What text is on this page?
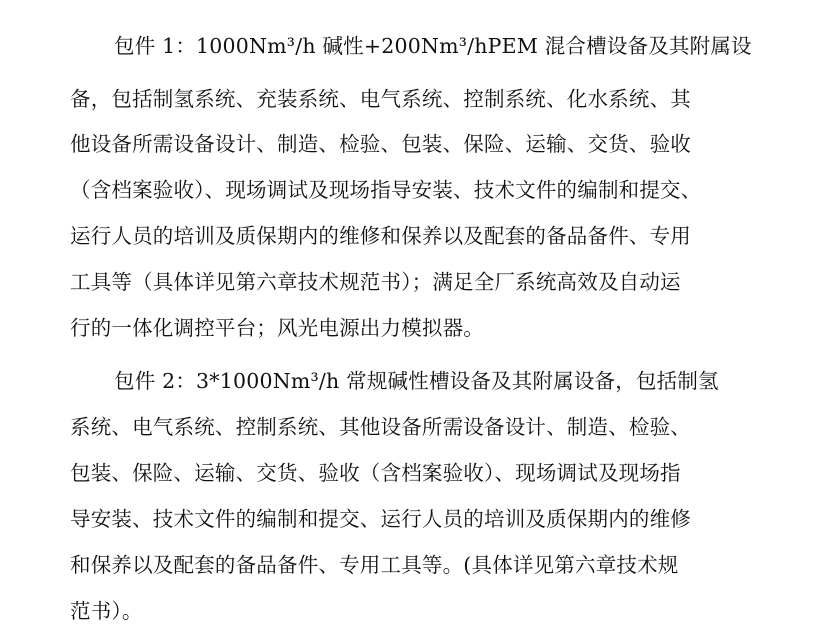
包件 1：1000Nm³/h 碱性+200Nm³/hPEM 混合槽设备及其附属设
备，包括制氢系统、充装系统、电气系统、控制系统、化水系统、其
他设备所需设备设计、制造、检验、包装、保险、运输、交货、验收
（含档案验收）、现场调试及现场指导安装、技术文件的编制和提交、
运行人员的培训及质保期内的维修和保养以及配套的备品备件、专用
工具等（具体详见第六章技术规范书）；满足全厂系统高效及自动运
行的一体化调控平台；风光电源出力模拟器。
包件 2：3*1000Nm³/h 常规碱性槽设备及其附属设备，包括制氢
系统、电气系统、控制系统、其他设备所需设备设计、制造、检验、
包装、保险、运输、交货、验收（含档案验收）、现场调试及现场指
导安装、技术文件的编制和提交、运行人员的培训及质保期内的维修
和保养以及配套的备品备件、专用工具等。(具体详见第六章技术规
范书）。
